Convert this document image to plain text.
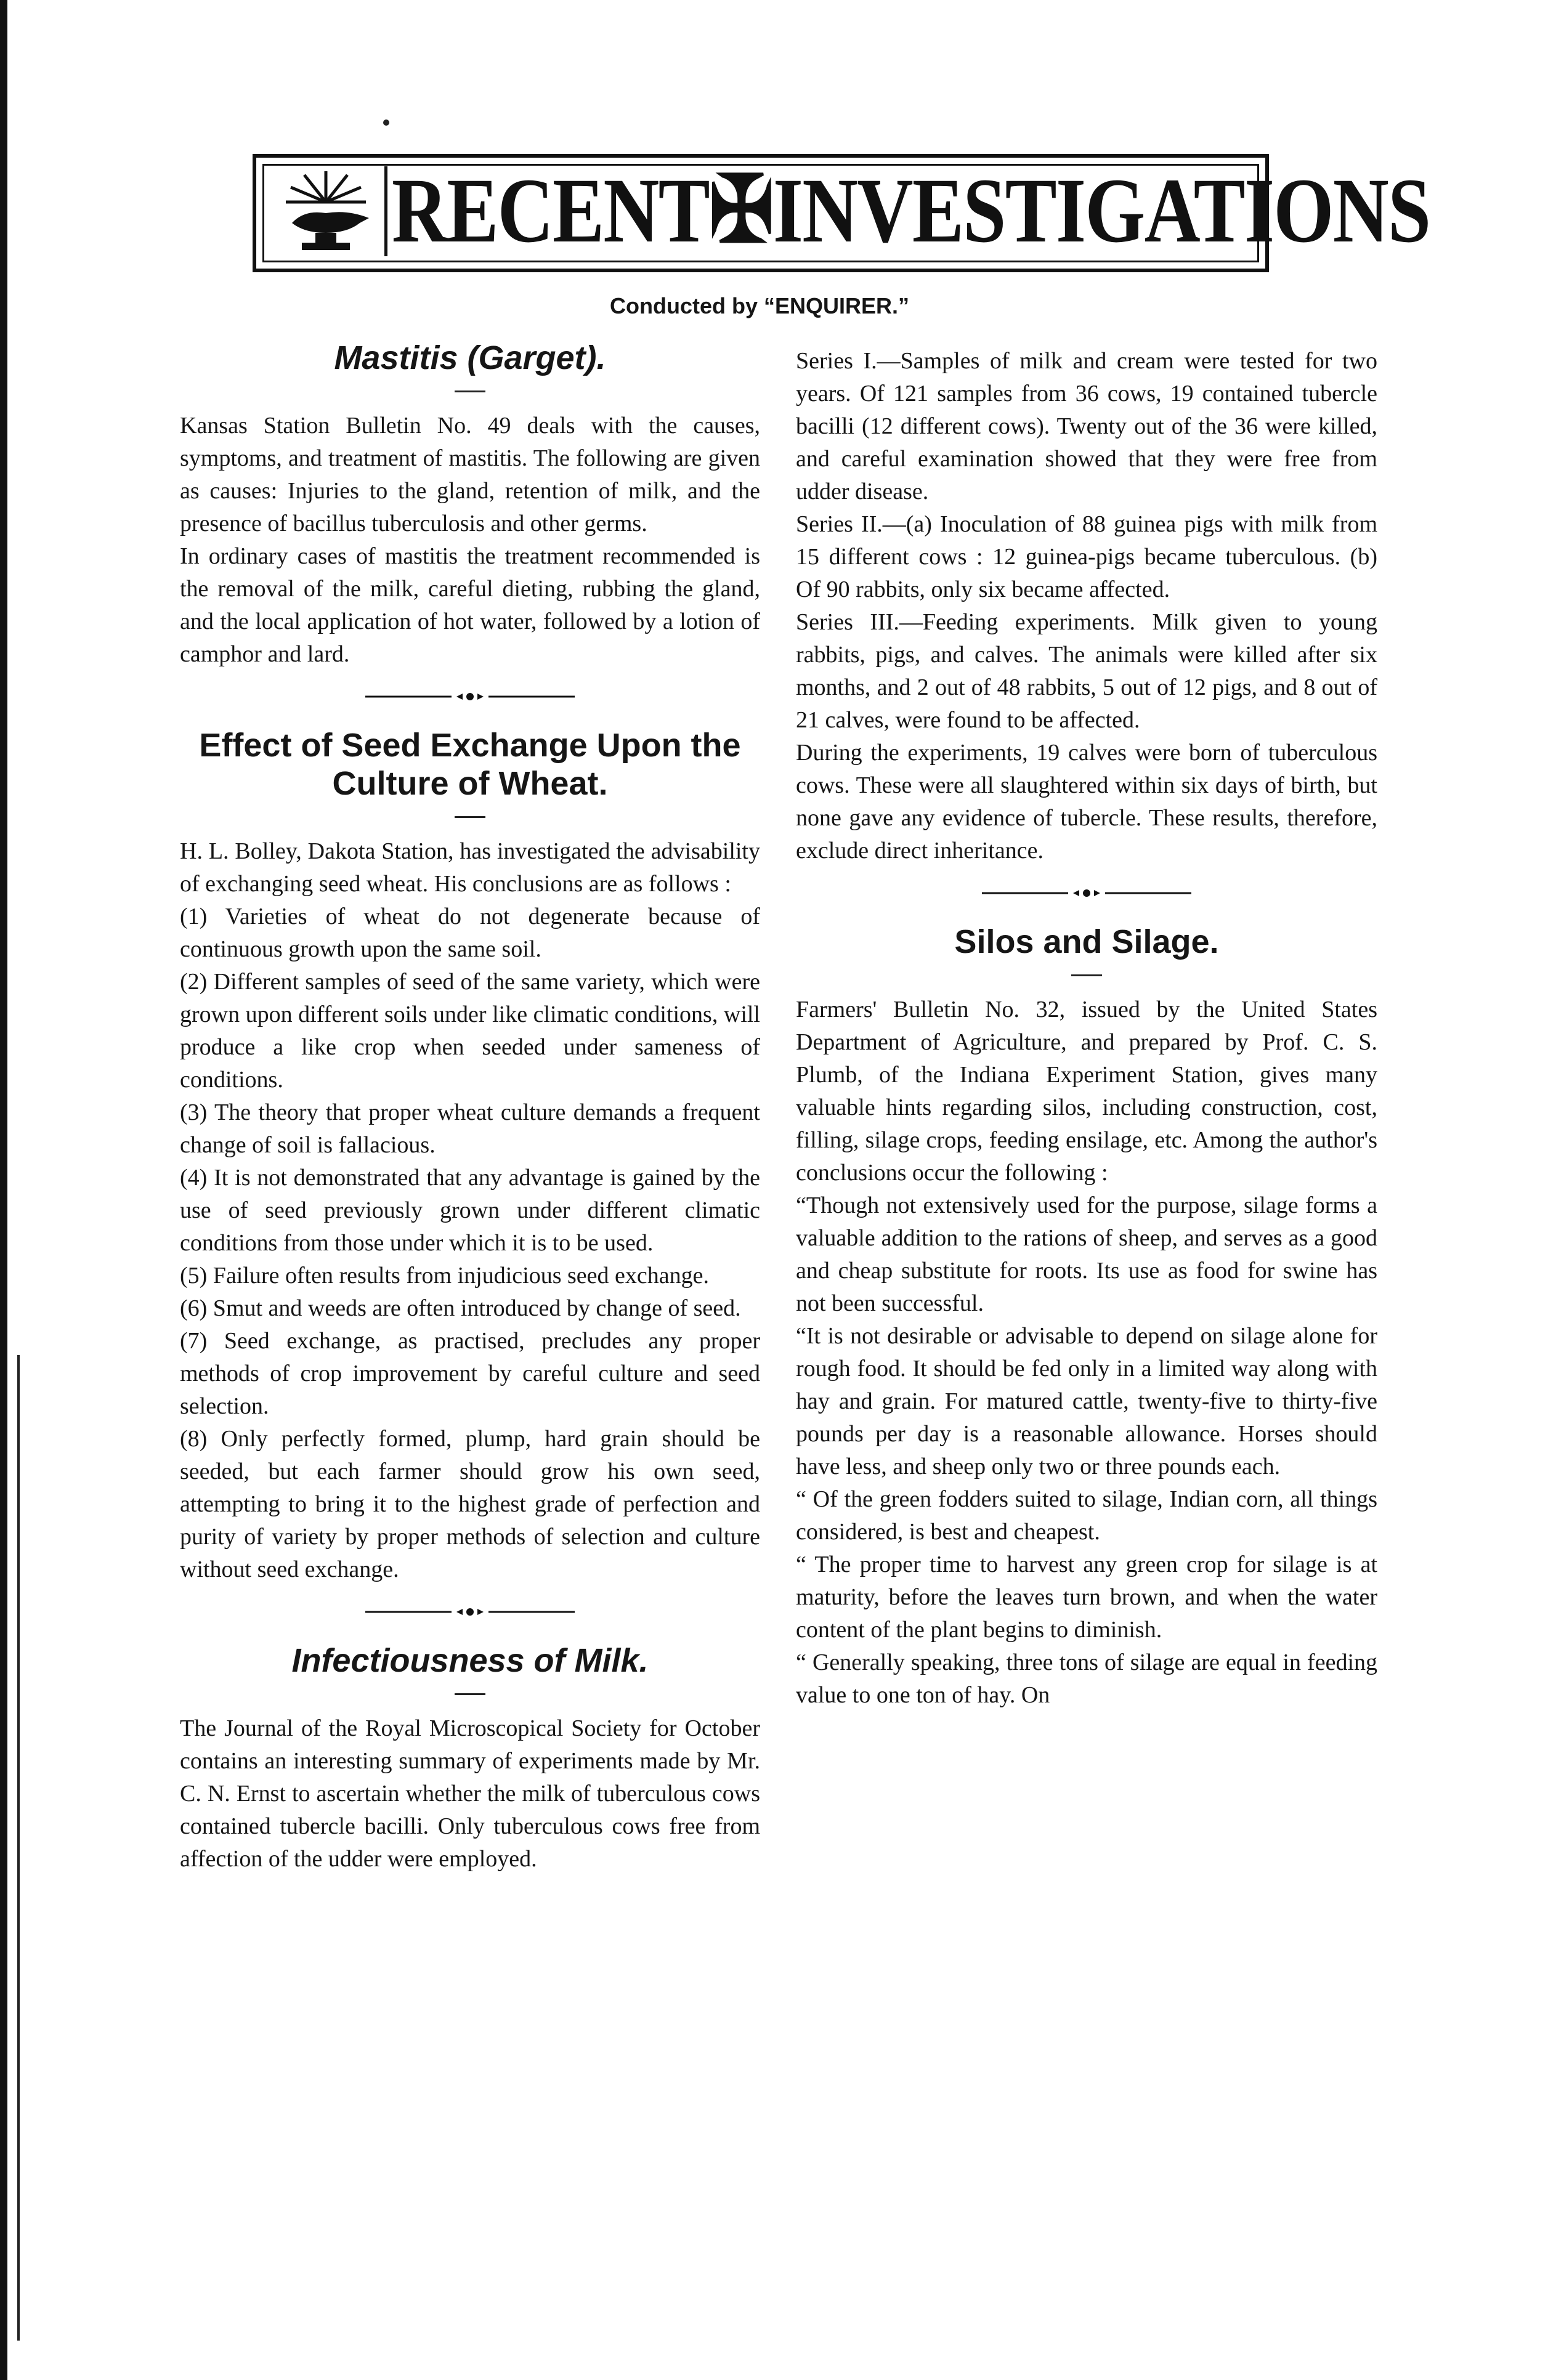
RECENT✠INVESTIGATIONS
Conducted by “ENQUIRER.”
Mastitis (Garget).

Kansas Station Bulletin No. 49 deals with the causes, symptoms, and treatment of mastitis. The following are given as causes: Injuries to the gland, retention of milk, and the presence of bacillus tuberculosis and other germs.

In ordinary cases of mastitis the treatment recommended is the removal of the milk, careful dieting, rubbing the gland, and the local application of hot water, followed by a lotion of camphor and lard.

Effect of Seed Exchange Upon the Culture of Wheat.

H. L. Bolley, Dakota Station, has investigated the advisability of exchanging seed wheat. His conclusions are as follows :

(1) Varieties of wheat do not degenerate because of continuous growth upon the same soil.

(2) Different samples of seed of the same variety, which were grown upon different soils under like climatic conditions, will produce a like crop when seeded under sameness of conditions.

(3) The theory that proper wheat culture demands a frequent change of soil is fallacious.

(4) It is not demonstrated that any advantage is gained by the use of seed previously grown under different climatic conditions from those under which it is to be used.

(5) Failure often results from injudicious seed exchange.

(6) Smut and weeds are often introduced by change of seed.

(7) Seed exchange, as practised, precludes any proper methods of crop improvement by careful culture and seed selection.

(8) Only perfectly formed, plump, hard grain should be seeded, but each farmer should grow his own seed, attempting to bring it to the highest grade of perfection and purity of variety by proper methods of selection and culture without seed exchange.

Infectiousness of Milk.

The Journal of the Royal Microscopical Society for October contains an interesting summary of experiments made by Mr. C. N. Ernst to ascertain whether the milk of tuberculous cows contained tubercle bacilli. Only tuberculous cows free from affection of the udder were employed.

Series I.—Samples of milk and cream were tested for two years. Of 121 samples from 36 cows, 19 contained tubercle bacilli (12 different cows). Twenty out of the 36 were killed, and careful examination showed that they were free from udder disease.

Series II.—(a) Inoculation of 88 guinea pigs with milk from 15 different cows : 12 guinea-pigs became tuberculous. (b) Of 90 rabbits, only six became affected.

Series III.—Feeding experiments. Milk given to young rabbits, pigs, and calves. The animals were killed after six months, and 2 out of 48 rabbits, 5 out of 12 pigs, and 8 out of 21 calves, were found to be affected.

During the experiments, 19 calves were born of tuberculous cows. These were all slaughtered within six days of birth, but none gave any evidence of tubercle. These results, therefore, exclude direct inheritance.

Silos and Silage.

Farmers' Bulletin No. 32, issued by the United States Department of Agriculture, and prepared by Prof. C. S. Plumb, of the Indiana Experiment Station, gives many valuable hints regarding silos, including construction, cost, filling, silage crops, feeding ensilage, etc. Among the author's conclusions occur the following :

“Though not extensively used for the purpose, silage forms a valuable addition to the rations of sheep, and serves as a good and cheap substitute for roots. Its use as food for swine has not been successful.

“It is not desirable or advisable to depend on silage alone for rough food. It should be fed only in a limited way along with hay and grain. For matured cattle, twenty-five to thirty-five pounds per day is a reasonable allowance. Horses should have less, and sheep only two or three pounds each.

“ Of the green fodders suited to silage, Indian corn, all things considered, is best and cheapest.

“ The proper time to harvest any green crop for silage is at maturity, before the leaves turn brown, and when the water content of the plant begins to diminish.

“ Generally speaking, three tons of silage are equal in feeding value to one ton of hay. On
